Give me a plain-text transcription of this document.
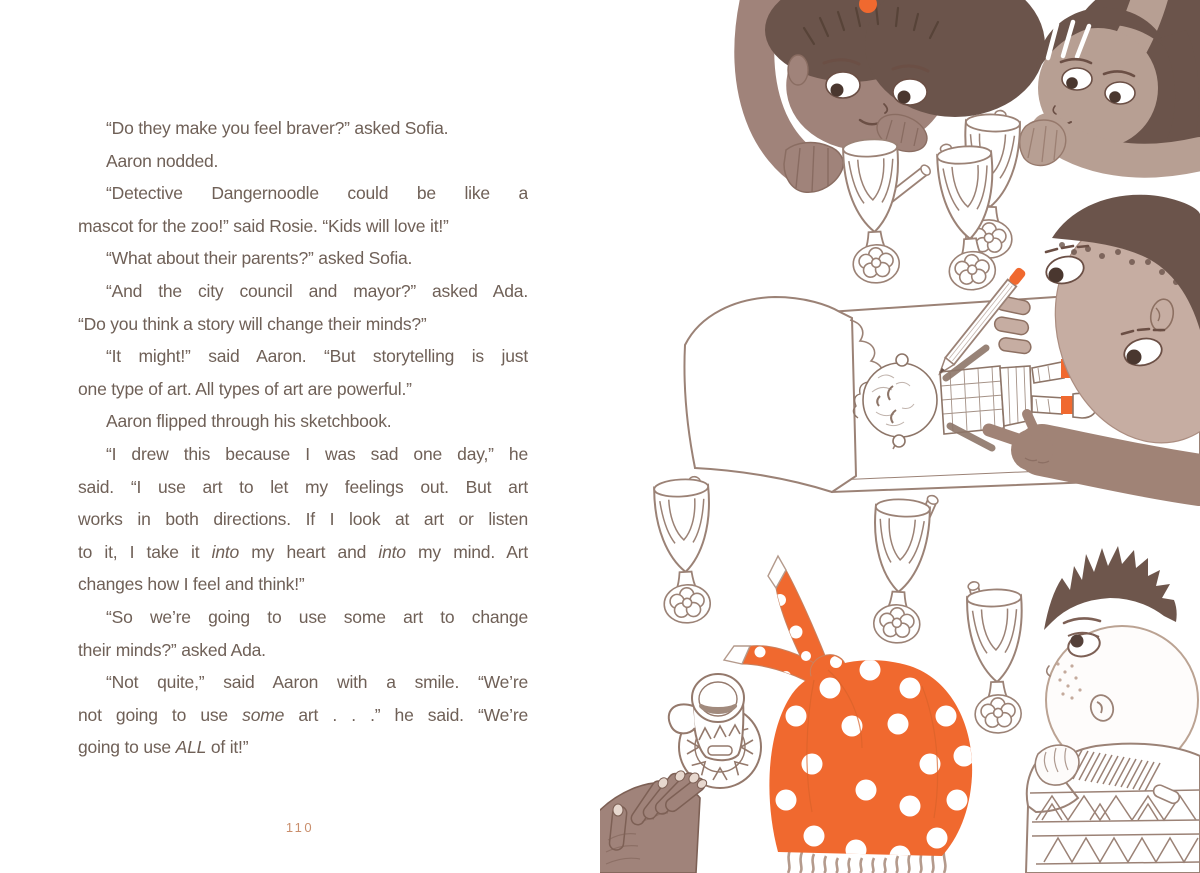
“Do they make you feel braver?” asked Sofia.
Aaron nodded.
“Detective Dangernoodle could be like a
mascot for the zoo!” said Rosie. “Kids will love it!”
“What about their parents?” asked Sofia.
“And the city council and mayor?” asked Ada.
“Do you think a story will change their minds?”
“It might!” said Aaron. “But storytelling is just
one type of art. All types of art are powerful.”
Aaron flipped through his sketchbook.
“I drew this because I was sad one day,” he
said. “I use art to let my feelings out. But art
works in both directions. If I look at art or listen
to it, I take it into my heart and into my mind. Art
changes how I feel and think!”
“So we’re going to use some art to change
their minds?” asked Ada.
“Not quite,” said Aaron with a smile. “We’re
not going to use some art . . .” he said. “We’re
going to use ALL of it!”
110
